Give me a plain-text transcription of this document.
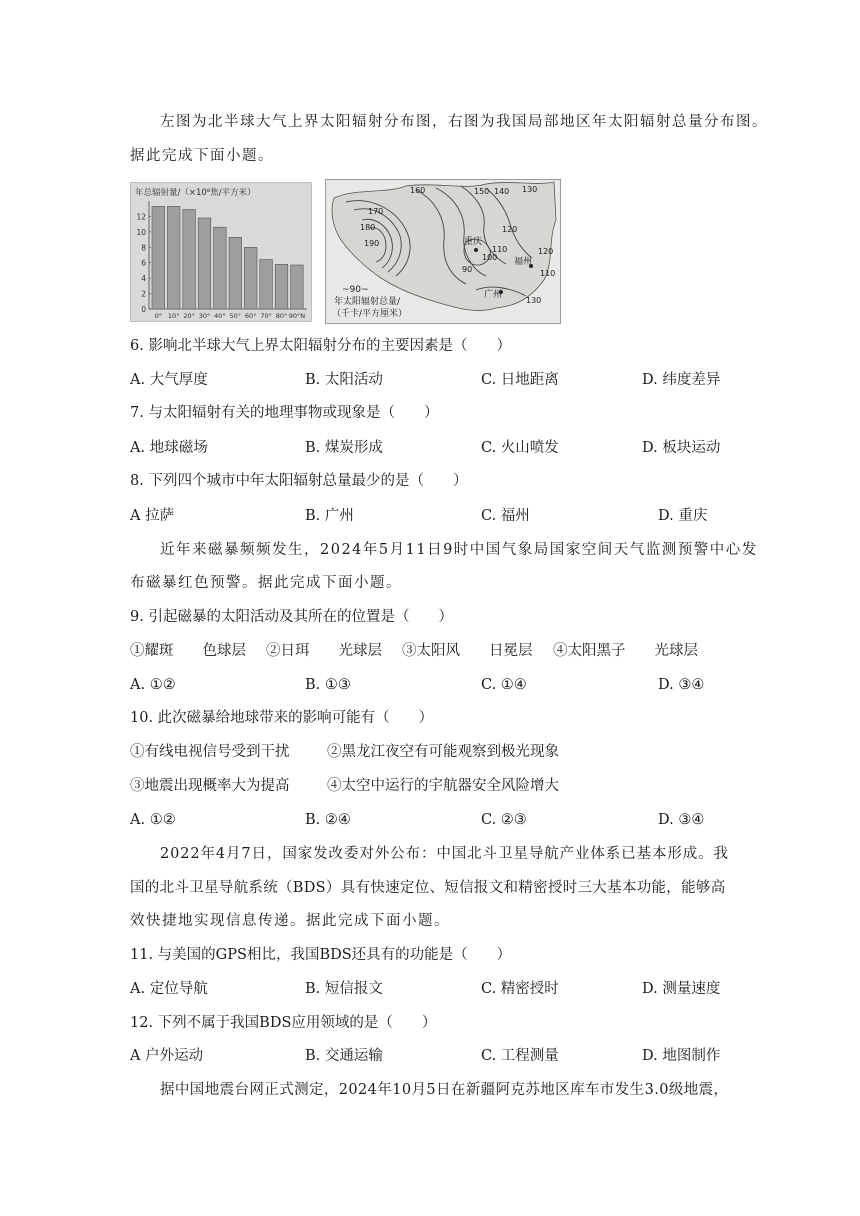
左图为北半球大气上界太阳辐射分布图，右图为我国局部地区年太阳辐射总量分布图。
据此完成下面小题。
年总辐射量/（×10⁸焦/平方米）
0
2
4
6
8
10
12
0° 10° 20° 30° 40° 50° 60° 70° 80° 90°N
重庆
福州
广州
160
170
180
190
150 140 130
120
110
100
90
120
110
130
~90~
年太阳辐射总量/
（千卡/平方厘米）
6. 影响北半球大气上界太阳辐射分布的主要因素是（　　）
A. 大气厚度	B. 太阳活动	C. 日地距离	D. 纬度差异
7. 与太阳辐射有关的地理事物或现象是（　　）
A. 地球磁场	B. 煤炭形成	C. 火山喷发	D. 板块运动
8. 下列四个城市中年太阳辐射总量最少的是（　　）
A 拉萨	B. 广州	C. 福州	D. 重庆
近年来磁暴频频发生，2024年5月11日9时中国气象局国家空间天气监测预警中心发
布磁暴红色预警。据此完成下面小题。
9. 引起磁暴的太阳活动及其所在的位置是（　　）
①耀斑　　色球层 ②日珥　　光球层 ③太阳风　　日冕层 ④太阳黑子　　光球层
A. ①②	B. ①③	C. ①④	D. ③④
10. 此次磁暴给地球带来的影响可能有（　　）
①有线电视信号受到干扰	②黑龙江夜空有可能观察到极光现象
③地震出现概率大为提高	④太空中运行的宇航器安全风险增大
A. ①②	B. ②④	C. ②③	D. ③④
2022年4月7日，国家发改委对外公布：中国北斗卫星导航产业体系已基本形成。我
国的北斗卫星导航系统（BDS）具有快速定位、短信报文和精密授时三大基本功能，能够高
效快捷地实现信息传递。据此完成下面小题。
11. 与美国的GPS相比，我国BDS还具有的功能是（　　）
A. 定位导航	B. 短信报文	C. 精密授时	D. 测量速度
12. 下列不属于我国BDS应用领域的是（　　）
A 户外运动	B. 交通运输	C. 工程测量	D. 地图制作
据中国地震台网正式测定，2024年10月5日在新疆阿克苏地区库车市发生3.0级地震，
